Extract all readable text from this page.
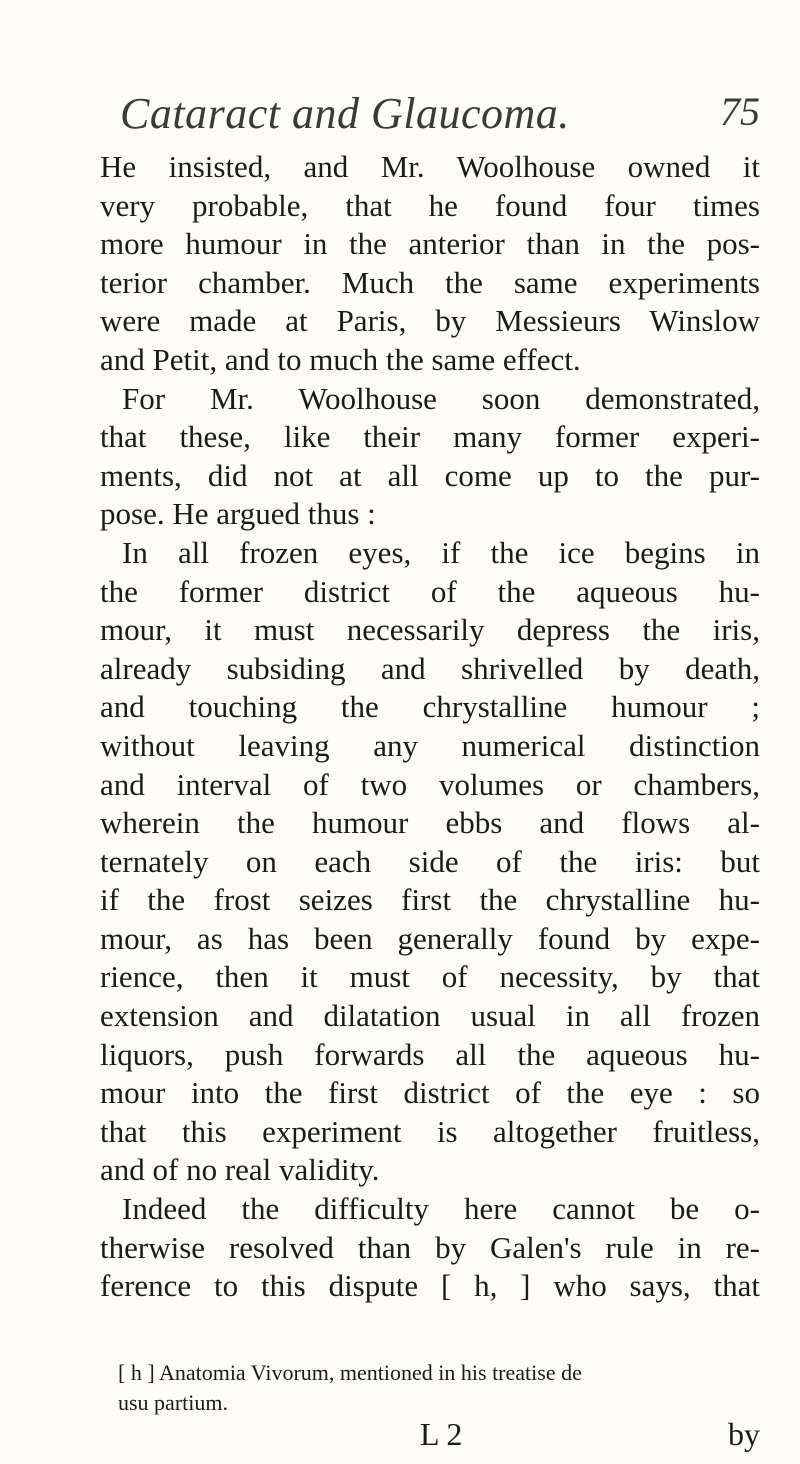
Cataract and Glaucoma.	75
He insisted, and Mr. Woolhouse owned it
very probable, that he found four times
more humour in the anterior than in the pos-
terior chamber. Much the same experiments
were made at Paris, by Messieurs Winslow
and Petit, and to much the same effect.
For Mr. Woolhouse soon demonstrated,
that these, like their many former experi-
ments, did not at all come up to the pur-
pose. He argued thus :
In all frozen eyes, if the ice begins in
the former district of the aqueous hu-
mour, it must necessarily depress the iris,
already subsiding and shrivelled by death,
and touching the chrystalline humour ;
without leaving any numerical distinction
and interval of two volumes or chambers,
wherein the humour ebbs and flows al-
ternately on each side of the iris: but
if the frost seizes first the chrystalline hu-
mour, as has been generally found by expe-
rience, then it must of necessity, by that
extension and dilatation usual in all frozen
liquors, push forwards all the aqueous hu-
mour into the first district of the eye : so
that this experiment is altogether fruitless,
and of no real validity.
Indeed the difficulty here cannot be o-
therwise resolved than by Galen's rule in re-
ference to this dispute [ h, ] who says, that
[ h ] Anatomia Vivorum, mentioned in his treatise de
usu partium.
L 2	by
